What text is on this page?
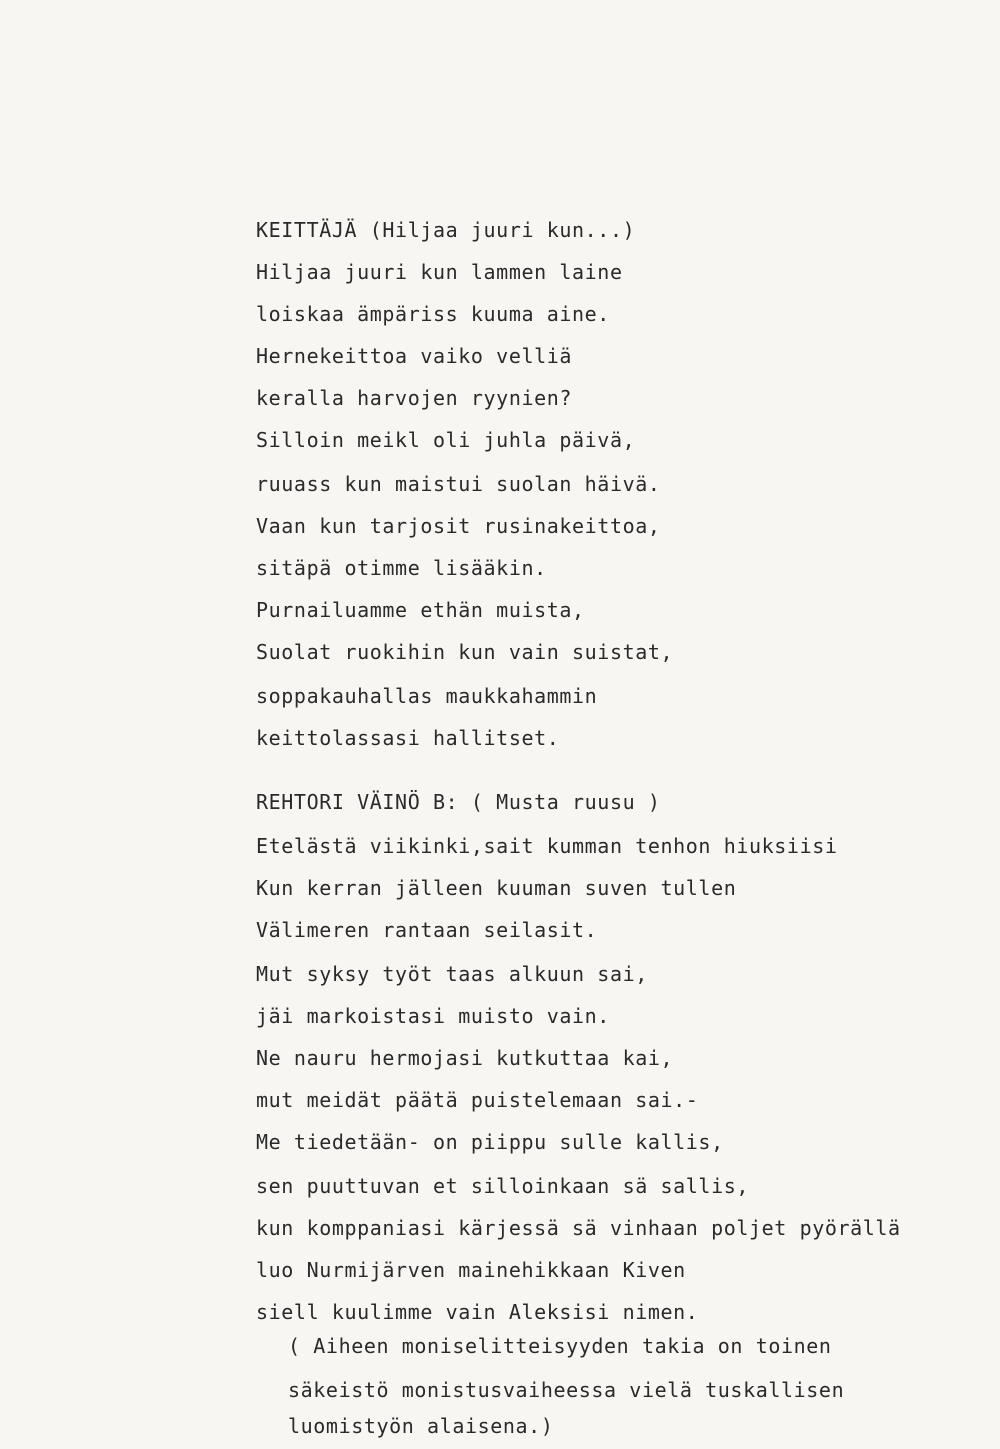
KEITTÄJÄ (Hiljaa juuri kun...)
Hiljaa juuri kun lammen laine
loiskaa ämpäriss kuuma aine.
Hernekeittoa vaiko velliä
keralla harvojen ryynien?
Silloin meikl oli juhla päivä,
ruuass kun maistui suolan häivä.
Vaan kun tarjosit rusinakeittoa,
sitäpä otimme lisääkin.
Purnailuamme ethän muista,
Suolat ruokihin kun vain suistat,
soppakauhallas maukkahammin
keittolassasi hallitset.
REHTORI VÄINÖ B: ( Musta ruusu )
Etelästä viikinki,sait kumman tenhon hiuksiisi
Kun kerran jälleen kuuman suven tullen
Välimeren rantaan seilasit.
Mut syksy työt taas alkuun sai,
jäi markoistasi muisto vain.
Ne nauru hermojasi kutkuttaa kai,
mut meidät päätä puistelemaan sai.-
Me tiedetään- on piippu sulle kallis,
sen puuttuvan et silloinkaan sä sallis,
kun komppaniasi kärjessä sä vinhaan poljet pyörällä
luo Nurmijärven mainehikkaan Kiven
siell kuulimme vain Aleksisi nimen.
( Aiheen moniselitteisyyden takia on toinen
säkeistö monistusvaiheessa vielä tuskallisen
luomistyön alaisena.)
